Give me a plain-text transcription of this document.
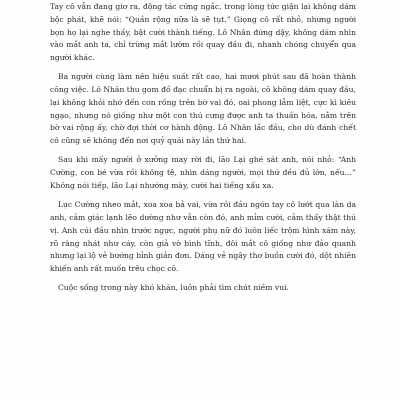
Tay cô vẫn đang giơ ra, động tác cứng ngắc, trong lòng tức giận lại không dám bộc phát, khẽ nói: “Quần rộng nữa là sẽ tụt.” Giọng cô rất nhỏ, nhưng người bọn họ lại nghe thấy, bật cười thành tiếng. Lô Nhân đứng dậy, không dám nhìn vào mắt anh ta, chỉ trừng mắt lườm rồi quay đầu đi, nhanh chóng chuyển qua người khác.

Ba người cùng làm nên hiệu suất rất cao, hai mươi phút sau đã hoàn thành công việc. Lô Nhân thu gom đồ đạc chuẩn bị ra ngoài, cô không dám quay đầu, lại không khỏi nhớ đến con rồng trên bờ vai đó, oai phong lẫm liệt, cực kì kiêu ngạo, nhưng nó giống như một con thú cưng được anh ta thuần hóa, nằm trên bờ vai rộng ấy, chờ đợi thời cơ hành động. Lô Nhân lắc đầu, cho dù đánh chết cô cũng sẽ không đến nơi quỷ quái này lần thứ hai.

Sau khi mấy người ở xưởng may rời đi, lão Lại ghé sát anh, nói nhỏ: “Anh Cường, con bé vừa rồi không tệ, nhìn dáng người, mọi thứ đều đủ lớn, nếu…” Không nói tiếp, lão Lại nhướng mày, cười hai tiếng xấu xa.

Lục Cường nheo mắt, xoa xoa bả vai, vừa rồi đầu ngón tay cô lướt qua làn da anh, cảm giác lạnh lẽo dường như vẫn còn đó, anh mỉm cười, cảm thấy thật thú vị. Anh cúi đầu nhìn trước ngực, người phụ nữ đó luôn liếc trộm hình xăm này, rõ ràng nhát như cáy, còn giả vờ bình tĩnh, đôi mắt cô giống như đảo quanh nhưng lại lộ vẻ bướng bỉnh giản đơn. Dáng vẻ ngây thơ buồn cười đó, dột nhiên khiến anh rất muốn trêu chọc cô.

Cuộc sống trong này khó khăn, luôn phải tìm chút niềm vui.
